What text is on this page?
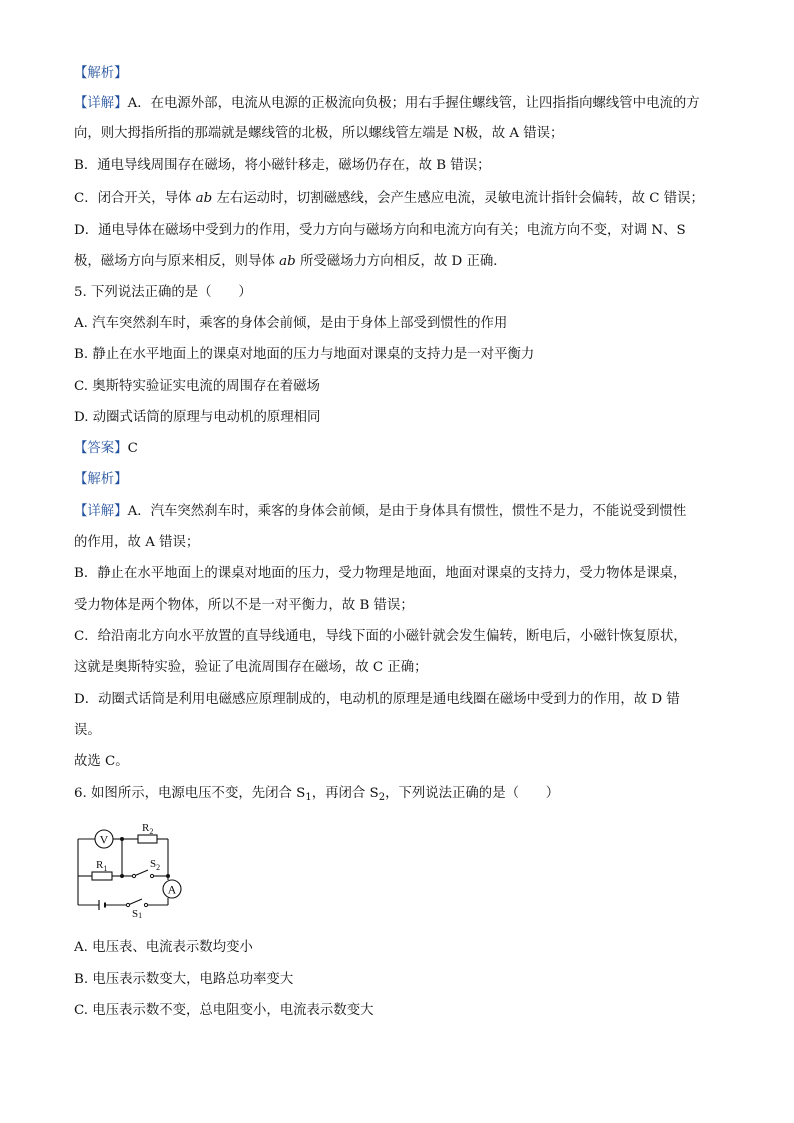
【解析】
【详解】A．在电源外部，电流从电源的正极流向负极；用右手握住螺线管，让四指指向螺线管中电流的方
向，则大拇指所指的那端就是螺线管的北极，所以螺线管左端是 N极，故 A 错误；
B．通电导线周围存在磁场，将小磁针移走，磁场仍存在，故 B 错误；
C．闭合开关，导体 ab 左右运动时，切割磁感线，会产生感应电流，灵敏电流计指针会偏转，故 C 错误；
D．通电导体在磁场中受到力的作用，受力方向与磁场方向和电流方向有关；电流方向不变，对调 N、S
极，磁场方向与原来相反，则导体 ab 所受磁场力方向相反，故 D 正确．
5. 下列说法正确的是（　　）
A. 汽车突然刹车时，乘客的身体会前倾，是由于身体上部受到惯性的作用
B. 静止在水平地面上的课桌对地面的压力与地面对课桌的支持力是一对平衡力
C. 奥斯特实验证实电流的周围存在着磁场
D. 动圈式话筒的原理与电动机的原理相同
【答案】C
【解析】
【详解】A．汽车突然刹车时，乘客的身体会前倾，是由于身体具有惯性，惯性不是力，不能说受到惯性
的作用，故 A 错误；
B．静止在水平地面上的课桌对地面的压力，受力物理是地面，地面对课桌的支持力，受力物体是课桌，
受力物体是两个物体，所以不是一对平衡力，故 B 错误；
C．给沿南北方向水平放置的直导线通电，导线下面的小磁针就会发生偏转，断电后，小磁针恢复原状，
这就是奥斯特实验，验证了电流周围存在磁场，故 C 正确；
D．动圈式话筒是利用电磁感应原理制成的，电动机的原理是通电线圈在磁场中受到力的作用，故 D 错
误。
故选 C。
6. 如图所示，电源电压不变，先闭合 $S_1$，再闭合 $S_2$，下列说法正确的是（　　）
V
$R_2$
$R_1$	$S_2$
A
S1
A. 电压表、电流表示数均变小
B. 电压表示数变大，电路总功率变大
C. 电压表示数不变，总电阻变小，电流表示数变大
